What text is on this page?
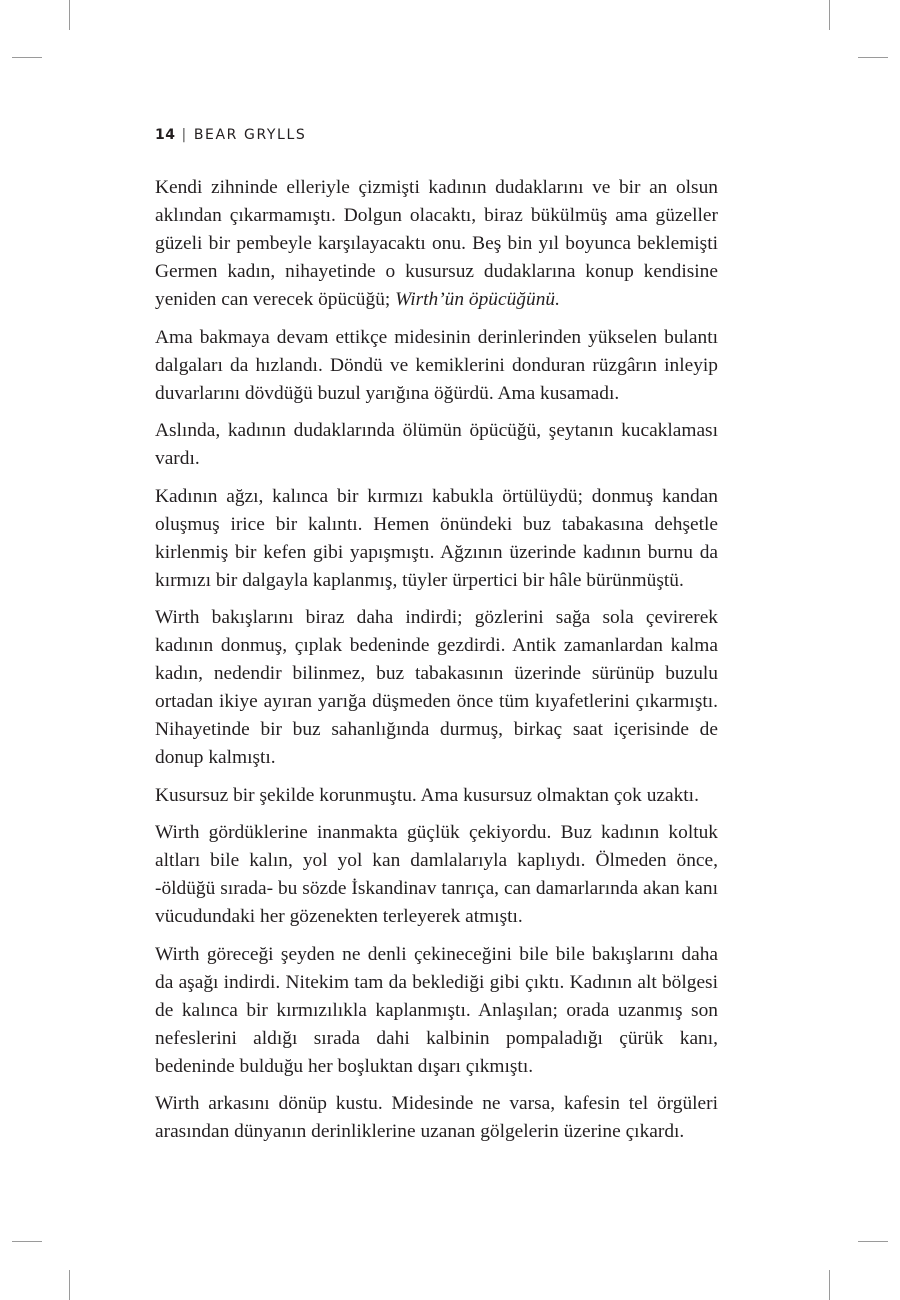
14 | BEAR GRYLLS

Kendi zihninde elleriyle çizmişti kadının dudaklarını ve bir an olsun aklından çıkarmamıştı. Dolgun olacaktı, biraz bükülmüş ama güzeller güzeli bir pembeyle karşılayacaktı onu. Beş bin yıl boyunca beklemişti Germen kadın, nihayetinde o kusursuz dudaklarına konup kendisine yeniden can verecek öpücüğü; Wirth’ün öpücüğünü.

Ama bakmaya devam ettikçe midesinin derinlerinden yükselen bulantı dalgaları da hızlandı. Döndü ve kemiklerini donduran rüzgârın inleyip duvarlarını dövdüğü buzul yarığına öğürdü. Ama kusamadı.

Aslında, kadının dudaklarında ölümün öpücüğü, şeytanın kucaklaması vardı.

Kadının ağzı, kalınca bir kırmızı kabukla örtülüydü; donmuş kandan oluşmuş irice bir kalıntı. Hemen önündeki buz tabakasına dehşetle kirlenmiş bir kefen gibi yapışmıştı. Ağzının üzerinde kadının burnu da kırmızı bir dalgayla kaplanmış, tüyler ürpertici bir hâle bürünmüştü.

Wirth bakışlarını biraz daha indirdi; gözlerini sağa sola çevirerek kadının donmuş, çıplak bedeninde gezdirdi. Antik zamanlardan kalma kadın, nedendir bilinmez, buz tabakasının üzerinde sürünüp buzulu ortadan ikiye ayıran yarığa düşmeden önce tüm kıyafetlerini çıkarmıştı. Nihayetinde bir buz sahanlığında durmuş, birkaç saat içerisinde de donup kalmıştı.

Kusursuz bir şekilde korunmuştu. Ama kusursuz olmaktan çok uzaktı.

Wirth gördüklerine inanmakta güçlük çekiyordu. Buz kadının koltuk altları bile kalın, yol yol kan damlalarıyla kaplıydı. Ölmeden önce, -öldüğü sırada- bu sözde İskandinav tanrıça, can damarlarında akan kanı vücudundaki her gözenekten terleyerek atmıştı.

Wirth göreceği şeyden ne denli çekineceğini bile bile bakışlarını daha da aşağı indirdi. Nitekim tam da beklediği gibi çıktı. Kadının alt bölgesi de kalınca bir kırmızılıkla kaplanmıştı. Anlaşılan; orada uzanmış son nefeslerini aldığı sırada dahi kalbinin pompaladığı çürük kanı, bedeninde bulduğu her boşluktan dışarı çıkmıştı.

Wirth arkasını dönüp kustu. Midesinde ne varsa, kafesin tel örgüleri arasından dünyanın derinliklerine uzanan gölgelerin üzerine çıkardı.
